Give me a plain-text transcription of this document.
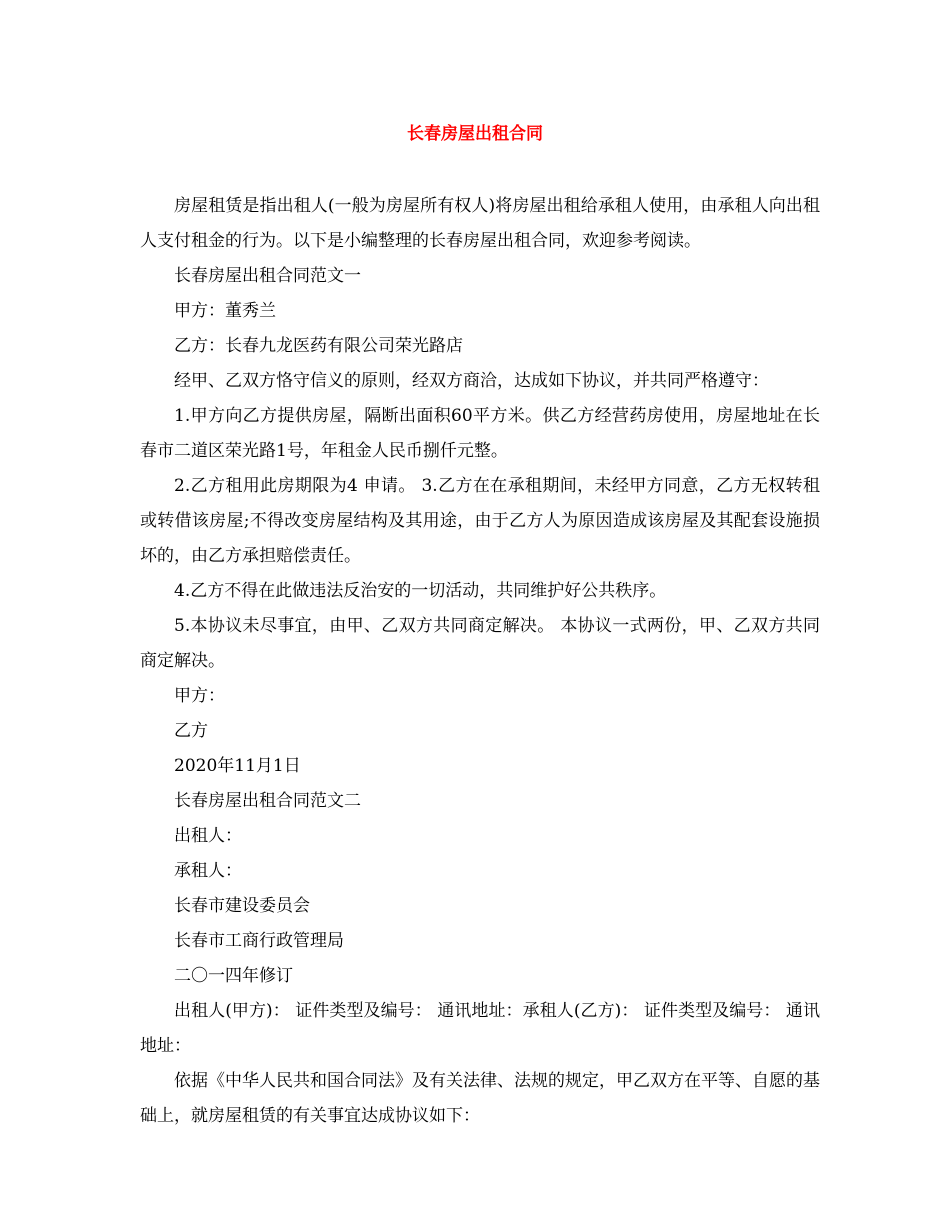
长春房屋出租合同

房屋租赁是指出租人(一般为房屋所有权人)将房屋出租给承租人使用，由承租人向出租人支付租金的行为。以下是小编整理的长春房屋出租合同，欢迎参考阅读。

长春房屋出租合同范文一

甲方：董秀兰

乙方：长春九龙医药有限公司荣光路店

经甲、乙双方恪守信义的原则，经双方商洽，达成如下协议，并共同严格遵守：

1.甲方向乙方提供房屋，隔断出面积60平方米。供乙方经营药房使用，房屋地址在长春市二道区荣光路1号，年租金人民币捌仟元整。

2.乙方租用此房期限为4 申请。 3.乙方在在承租期间，未经甲方同意，乙方无权转租或转借该房屋;不得改变房屋结构及其用途，由于乙方人为原因造成该房屋及其配套设施损坏的，由乙方承担赔偿责任。

4.乙方不得在此做违法反治安的一切活动，共同维护好公共秩序。

5.本协议未尽事宜，由甲、乙双方共同商定解决。 本协议一式两份，甲、乙双方共同商定解决。

甲方：

乙方

2020年11月1日

长春房屋出租合同范文二

出租人：

承租人：

长春市建设委员会

长春市工商行政管理局

二〇一四年修订

出租人(甲方)： 证件类型及编号： 通讯地址：承租人(乙方)： 证件类型及编号： 通讯地址：

依据《中华人民共和国合同法》及有关法律、法规的规定，甲乙双方在平等、自愿的基础上，就房屋租赁的有关事宜达成协议如下：
